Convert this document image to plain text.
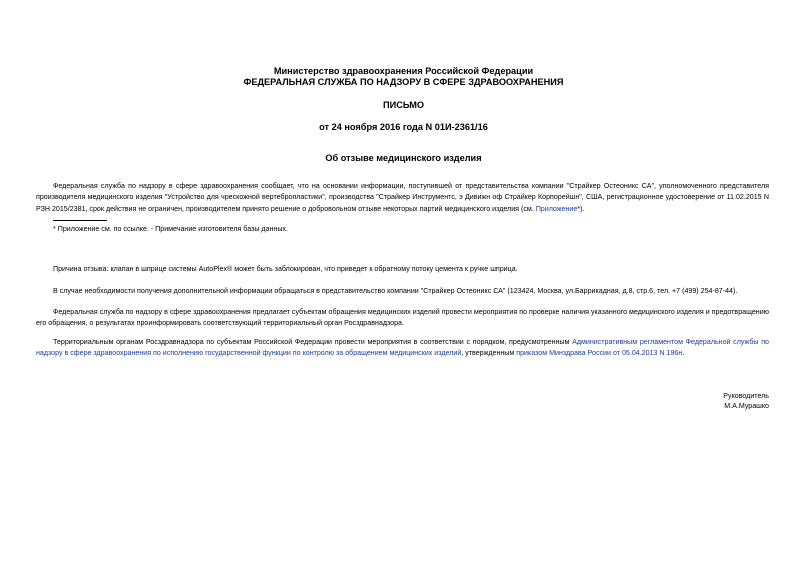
Министерство здравоохранения Российской Федерации
ФЕДЕРАЛЬНАЯ СЛУЖБА ПО НАДЗОРУ В СФЕРЕ ЗДРАВООХРАНЕНИЯ
ПИСЬМО
от 24 ноября 2016 года N 01И-2361/16
Об отзыве медицинского изделия
Федеральная служба по надзору в сфере здравоохранения сообщает, что на основании информации, поступившей от представительства компании "Страйкер Остеоникс СА", уполномоченного представителя производителя медицинского изделия "Устройство для чрескожной вертебропластики", производства "Страйкер Инструментс, э Дивижн оф Страйкер Корпорейшн", США, регистрационное удостоверение от 11.02.2015 N РЗН 2015/2381, срок действия не ограничен, производителем принято решение о добровольном отзыве некоторых партий медицинского изделия (см. Приложение*).
* Приложение см. по ссылке. - Примечание изготовителя базы данных.
Причина отзыва: клапан в шприце системы AutoPlex® может быть заблокирован, что приведет к обратному потоку цемента к ручке шприца.
В случае необходимости получения дополнительной информации обращаться в представительство компании "Страйкер Остеоникс СА" (123424, Москва, ул.Баррикадная, д.8, стр.6, тел. +7 (499) 254-87-44).
Федеральная служба по надзору в сфере здравоохранения предлагает субъектам обращения медицинских изделий провести мероприятия по проверке наличия указанного медицинского изделия и предотвращению его обращения, о результатах проинформировать соответствующий территориальный орган Росздравнадзора.
Территориальным органам Росздравнадзора по субъектам Российской Федерации провести мероприятия в соответствии с порядком, предусмотренным Административным регламентом Федеральной службы по надзору в сфере здравоохранения по исполнению государственной функции по контролю за обращением медицинских изделий, утвержденным приказом Минздрава России от 05.04.2013 N 196н.
Руководитель
М.А.Мурашко
